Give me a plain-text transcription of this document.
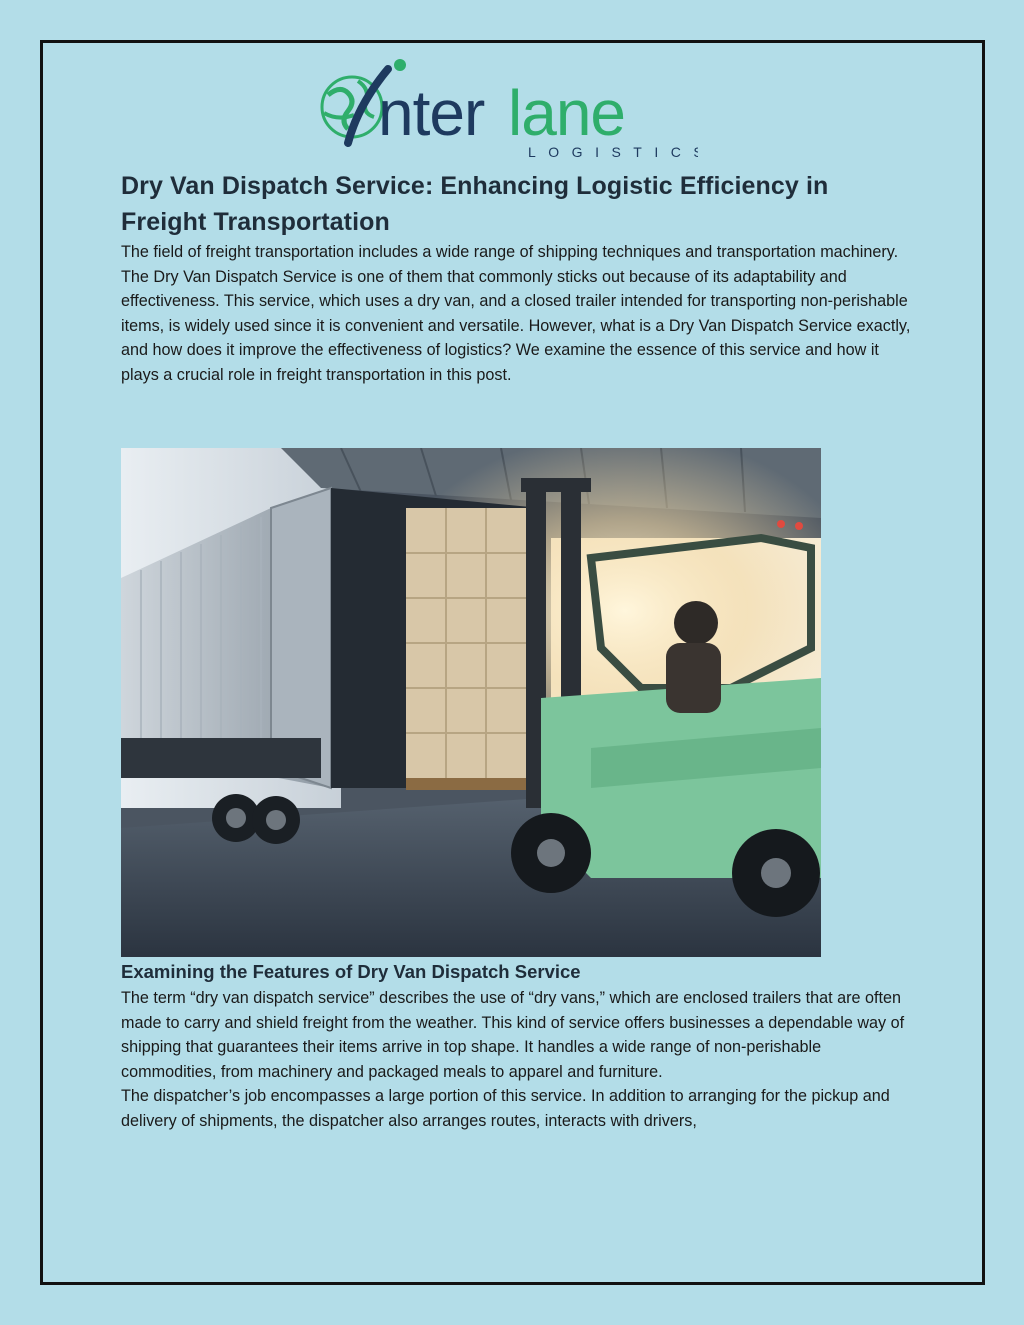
nter lane
LOGISTICS
Dry Van Dispatch Service: Enhancing Logistic Efficiency in Freight Transportation

The field of freight transportation includes a wide range of shipping techniques and transportation machinery. The Dry Van Dispatch Service is one of them that commonly sticks out because of its adaptability and effectiveness. This service, which uses a dry van, and a closed trailer intended for transporting non-perishable items, is widely used since it is convenient and versatile. However, what is a Dry Van Dispatch Service exactly, and how does it improve the effectiveness of logistics? We examine the essence of this service and how it plays a crucial role in freight transportation in this post.

Examining the Features of Dry Van Dispatch Service

The term “dry van dispatch service” describes the use of “dry vans,” which are enclosed trailers that are often made to carry and shield freight from the weather. This kind of service offers businesses a dependable way of shipping that guarantees their items arrive in top shape. It handles a wide range of non-perishable commodities, from machinery and packaged meals to apparel and furniture.

The dispatcher’s job encompasses a large portion of this service. In addition to arranging for the pickup and delivery of shipments, the dispatcher also arranges routes, interacts with drivers,
